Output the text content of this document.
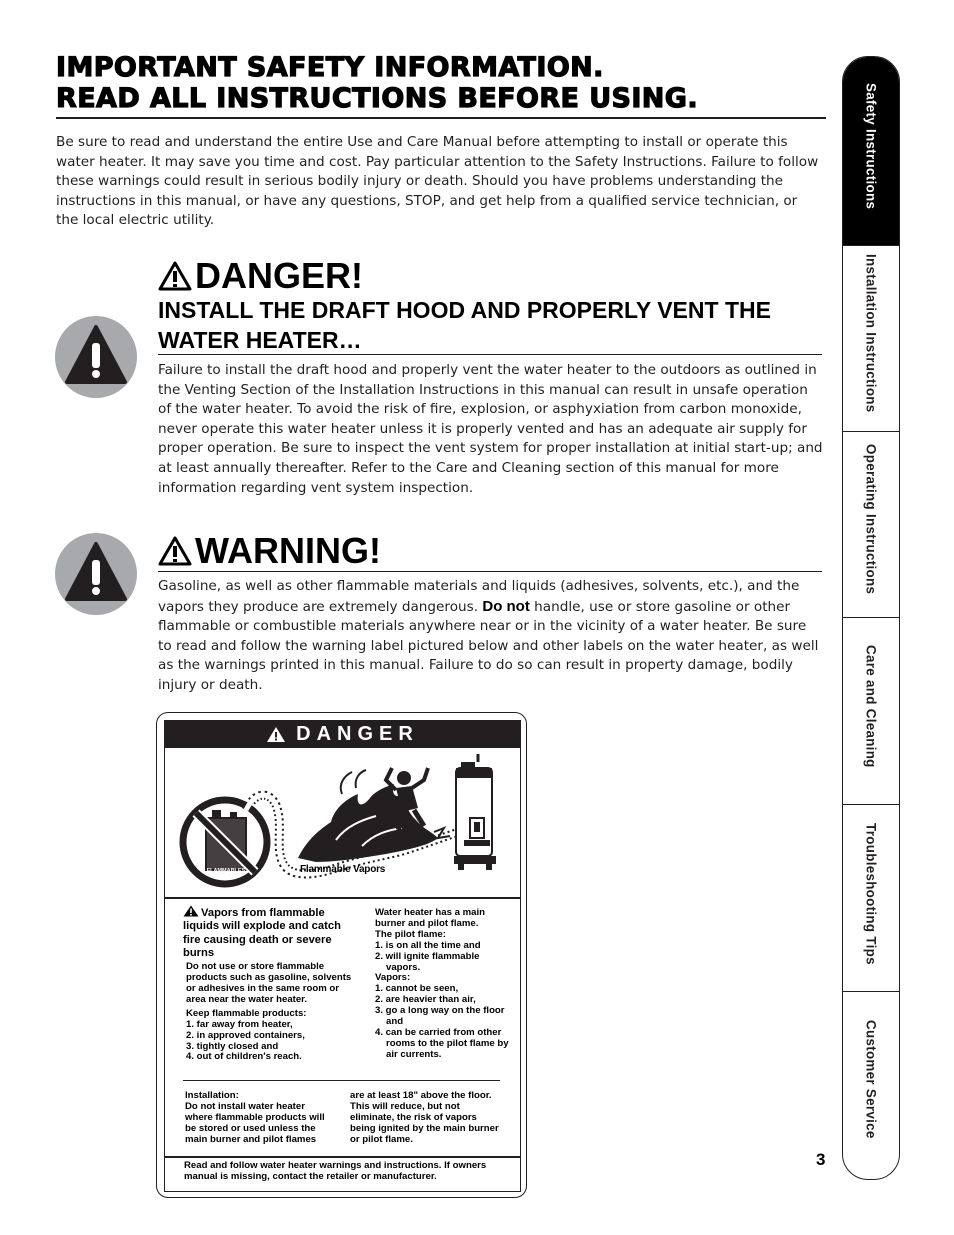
IMPORTANT SAFETY INFORMATION.
READ ALL INSTRUCTIONS BEFORE USING.
Be sure to read and understand the entire Use and Care Manual before attempting to install or operate this water heater. It may save you time and cost. Pay particular attention to the Safety Instructions. Failure to follow these warnings could result in serious bodily injury or death. Should you have problems understanding the instructions in this manual, or have any questions, STOP, and get help from a qualified service technician, or the local electric utility.
DANGER!
INSTALL THE DRAFT HOOD AND PROPERLY VENT THE
WATER HEATER…
Failure to install the draft hood and properly vent the water heater to the outdoors as outlined in the Venting Section of the Installation Instructions in this manual can result in unsafe operation of the water heater. To avoid the risk of fire, explosion, or asphyxiation from carbon monoxide, never operate this water heater unless it is properly vented and has an adequate air supply for proper operation. Be sure to inspect the vent system for proper installation at initial start-up; and at least annually thereafter. Refer to the Care and Cleaning section of this manual for more information regarding vent system inspection.
WARNING!
Gasoline, as well as other flammable materials and liquids (adhesives, solvents, etc.), and the vapors they produce are extremely dangerous. Do not handle, use or store gasoline or other flammable or combustible materials anywhere near or in the vicinity of a water heater. Be sure to read and follow the warning label pictured below and other labels on the water heater, as well as the warnings printed in this manual. Failure to do so can result in property damage, bodily injury or death.
DANGER
FLAMMABLES	Flammable Vapors
Vapors from flammable liquids will explode and catch fire causing death or severe burns
Do not use or store flammable products such as gasoline, solvents or adhesives in the same room or area near the water heater.
Keep flammable products:
1. far away from heater,
2. in approved containers,
3. tightly closed and
4. out of children's reach.
Water heater has a main burner and pilot flame.
The pilot flame:

1. is on all the time and

2. will ignite flammable vapors.

Vapors:

1. cannot be seen,

2. are heavier than air,

3. go a long way on the floor and

4. can be carried from other rooms to the pilot flame by air currents.

Installation:
Do not install water heater where flammable products will be stored or used unless the main burner and pilot flames
are at least 18" above the floor. This will reduce, but not eliminate, the risk of vapors being ignited by the main burner or pilot flame.
Read and follow water heater warnings and instructions. If owners manual is missing, contact the retailer or manufacturer.
Safety Instructions
Installation Instructions
Operating Instructions
Care and Cleaning
Troubleshooting Tips
Customer Service
3
